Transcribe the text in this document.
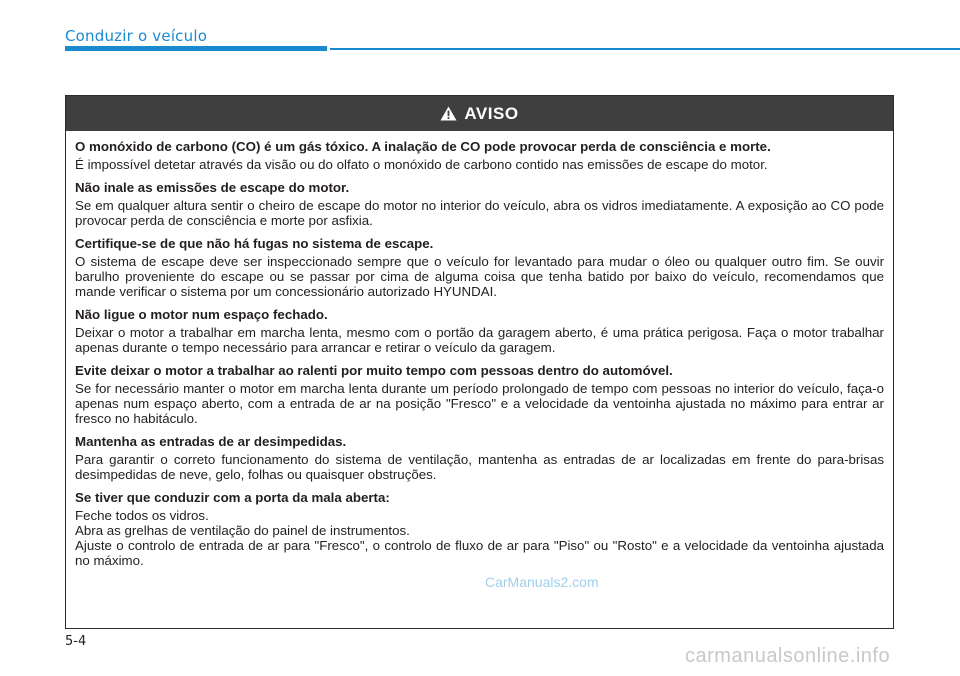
Conduzir o veículo
AVISO
O monóxido de carbono (CO) é um gás tóxico. A inalação de CO pode provocar perda de consciência e morte.

É impossível detetar através da visão ou do olfato o monóxido de carbono contido nas emissões de escape do motor.

Não inale as emissões de escape do motor.

Se em qualquer altura sentir o cheiro de escape do motor no interior do veículo, abra os vidros imediatamente. A exposição ao CO pode provocar perda de consciência e morte por asfixia.

Certifique-se de que não há fugas no sistema de escape.

O sistema de escape deve ser inspeccionado sempre que o veículo for levantado para mudar o óleo ou qualquer outro fim. Se ouvir barulho proveniente do escape ou se passar por cima de alguma coisa que tenha batido por baixo do veículo, recomendamos que mande verificar o sistema por um concessionário autorizado HYUNDAI.

Não ligue o motor num espaço fechado.

Deixar o motor a trabalhar em marcha lenta, mesmo com o portão da garagem aberto, é uma prática perigosa. Faça o motor trabalhar apenas durante o tempo necessário para arrancar e retirar o veículo da garagem.

Evite deixar o motor a trabalhar ao ralenti por muito tempo com pessoas dentro do automóvel.

Se for necessário manter o motor em marcha lenta durante um período prolongado de tempo com pessoas no interior do veículo, faça-o apenas num espaço aberto, com a entrada de ar na posição "Fresco" e a velocidade da ventoinha ajustada no máximo para entrar ar fresco no habitáculo.

Mantenha as entradas de ar desimpedidas.

Para garantir o correto funcionamento do sistema de ventilação, mantenha as entradas de ar localizadas em frente do para-brisas desimpedidas de neve, gelo, folhas ou quaisquer obstruções.

Se tiver que conduzir com a porta da mala aberta:

Feche todos os vidros.

Abra as grelhas de ventilação do painel de instrumentos.

Ajuste o controlo de entrada de ar para "Fresco", o controlo de fluxo de ar para "Piso" ou "Rosto" e a velocidade da ventoinha ajustada no máximo.

5-4
CarManuals2.com
carmanualsonline.info
